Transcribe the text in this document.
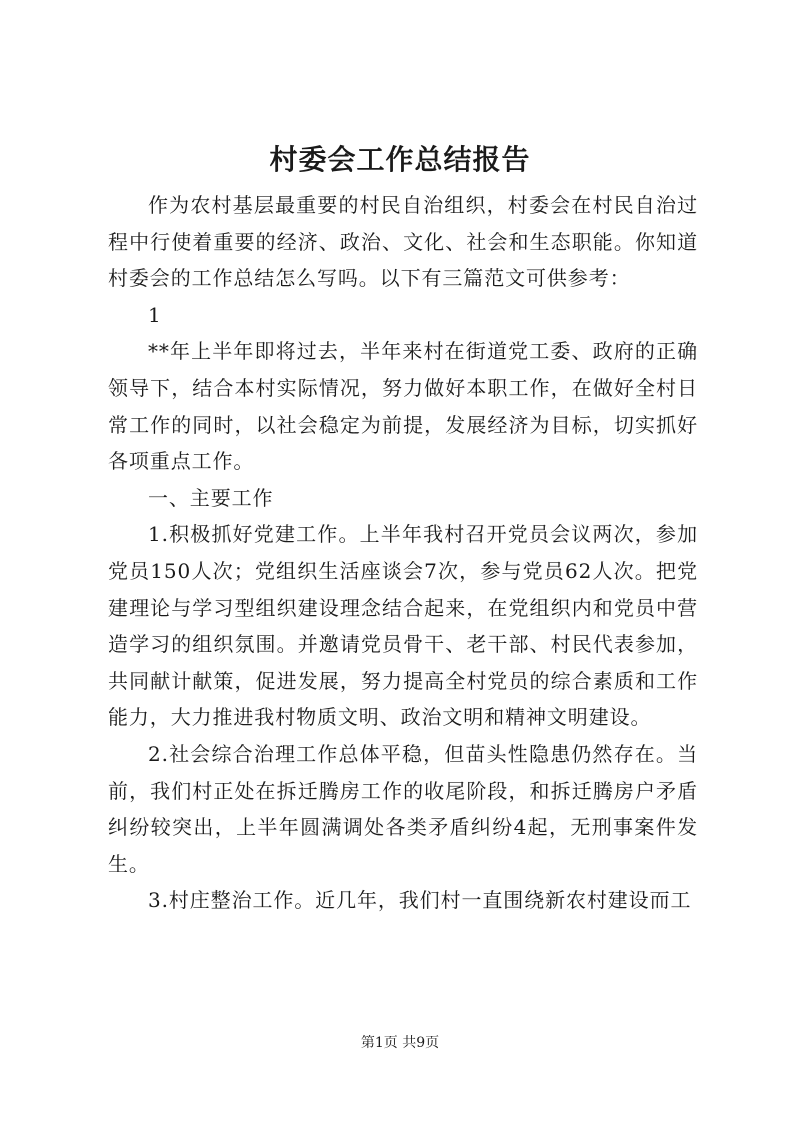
村委会工作总结报告

作为农村基层最重要的村民自治组织，村委会在村民自治过程中行使着重要的经济、政治、文化、社会和生态职能。你知道村委会的工作总结怎么写吗。以下有三篇范文可供参考：

1

**年上半年即将过去，半年来村在街道党工委、政府的正确领导下，结合本村实际情况，努力做好本职工作，在做好全村日常工作的同时，以社会稳定为前提，发展经济为目标，切实抓好各项重点工作。

一、主要工作

1.积极抓好党建工作。上半年我村召开党员会议两次，参加党员150人次；党组织生活座谈会7次，参与党员62人次。把党建理论与学习型组织建设理念结合起来，在党组织内和党员中营造学习的组织氛围。并邀请党员骨干、老干部、村民代表参加，共同献计献策，促进发展，努力提高全村党员的综合素质和工作能力，大力推进我村物质文明、政治文明和精神文明建设。

2.社会综合治理工作总体平稳，但苗头性隐患仍然存在。当前，我们村正处在拆迁腾房工作的收尾阶段，和拆迁腾房户矛盾纠纷较突出，上半年圆满调处各类矛盾纠纷4起，无刑事案件发生。

3.村庄整治工作。近几年，我们村一直围绕新农村建设而工

第1页 共9页
